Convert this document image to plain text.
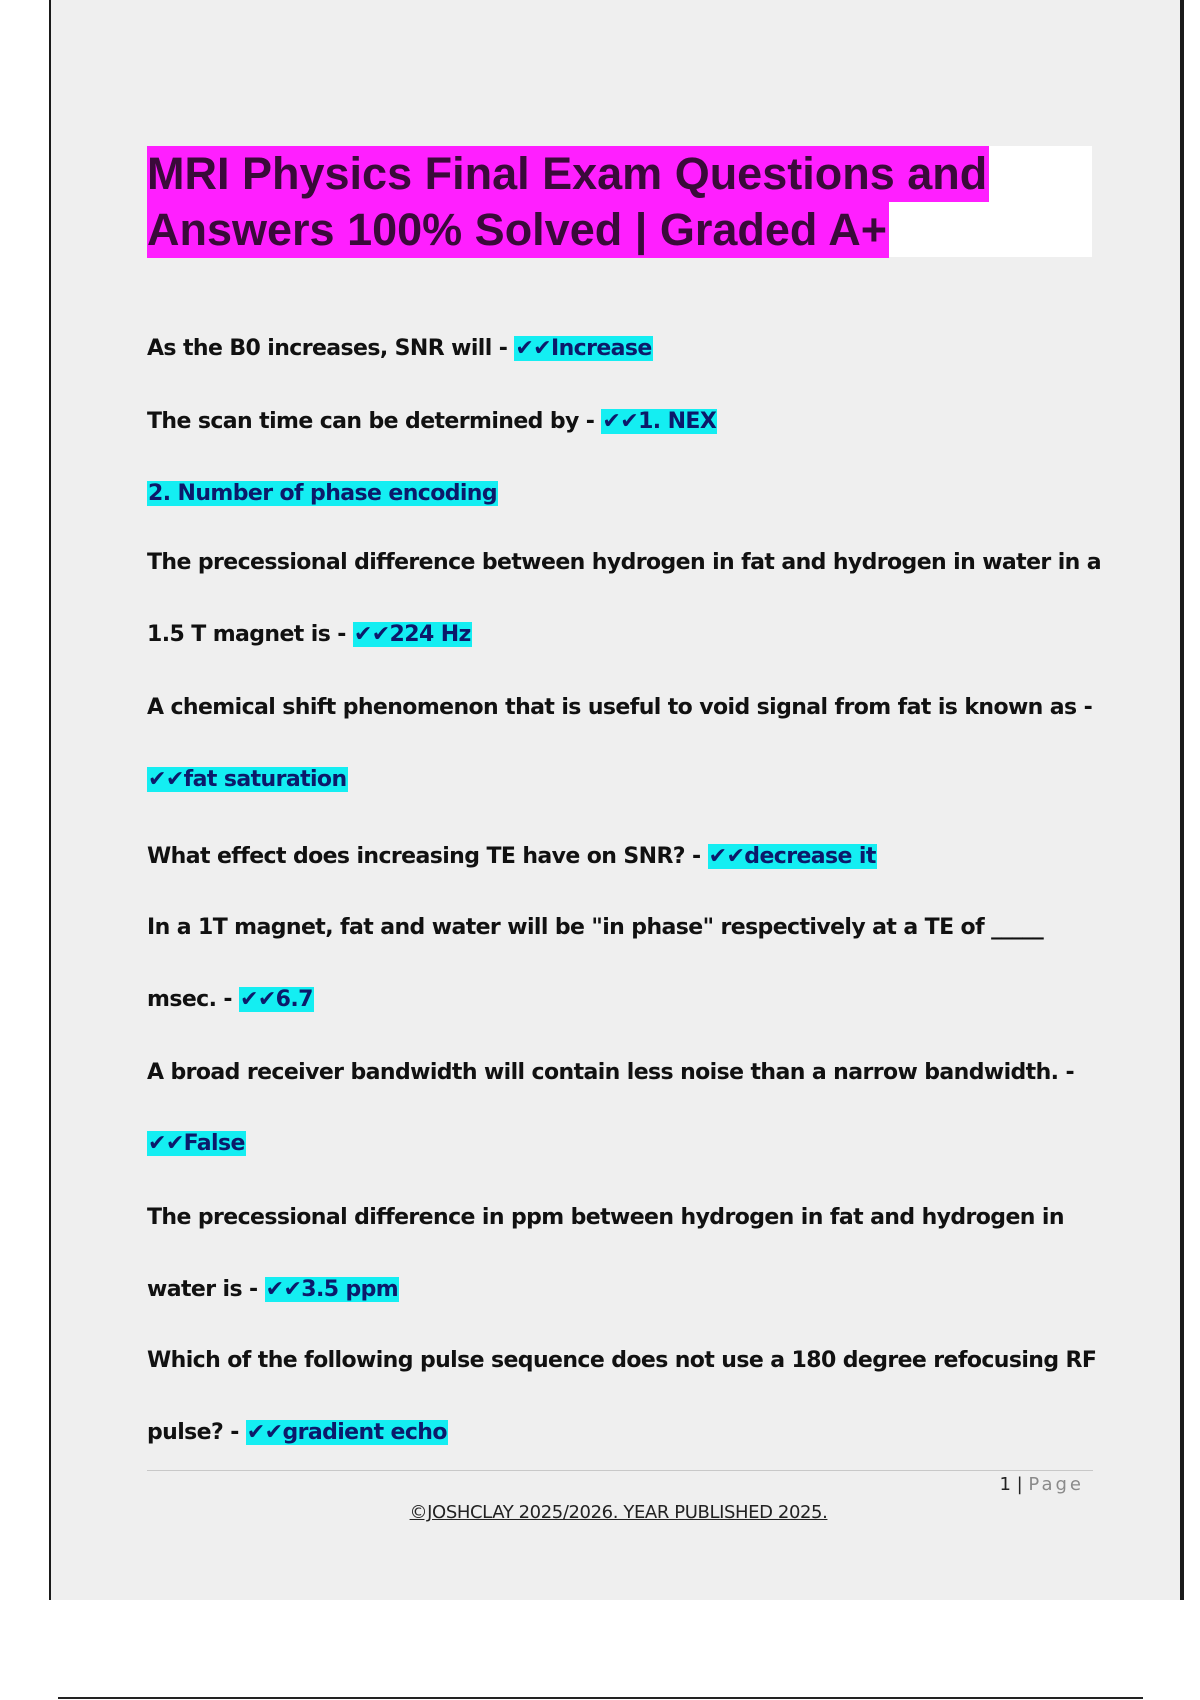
MRI Physics Final Exam Questions and
Answers 100% Solved | Graded A+
As the B0 increases, SNR will - ✔✔Increase
The scan time can be determined by - ✔✔1. NEX
2. Number of phase encoding
The precessional difference between hydrogen in fat and hydrogen in water in a
1.5 T magnet is - ✔✔224 Hz
A chemical shift phenomenon that is useful to void signal from fat is known as -
✔✔fat saturation
What effect does increasing TE have on SNR? - ✔✔decrease it
In a 1T magnet, fat and water will be "in phase" respectively at a TE of _____
msec. - ✔✔6.7
A broad receiver bandwidth will contain less noise than a narrow bandwidth. -
✔✔False
The precessional difference in ppm between hydrogen in fat and hydrogen in
water is - ✔✔3.5 ppm
Which of the following pulse sequence does not use a 180 degree refocusing RF
pulse? - ✔✔gradient echo
1 | Page
©JOSHCLAY 2025/2026. YEAR PUBLISHED 2025.
